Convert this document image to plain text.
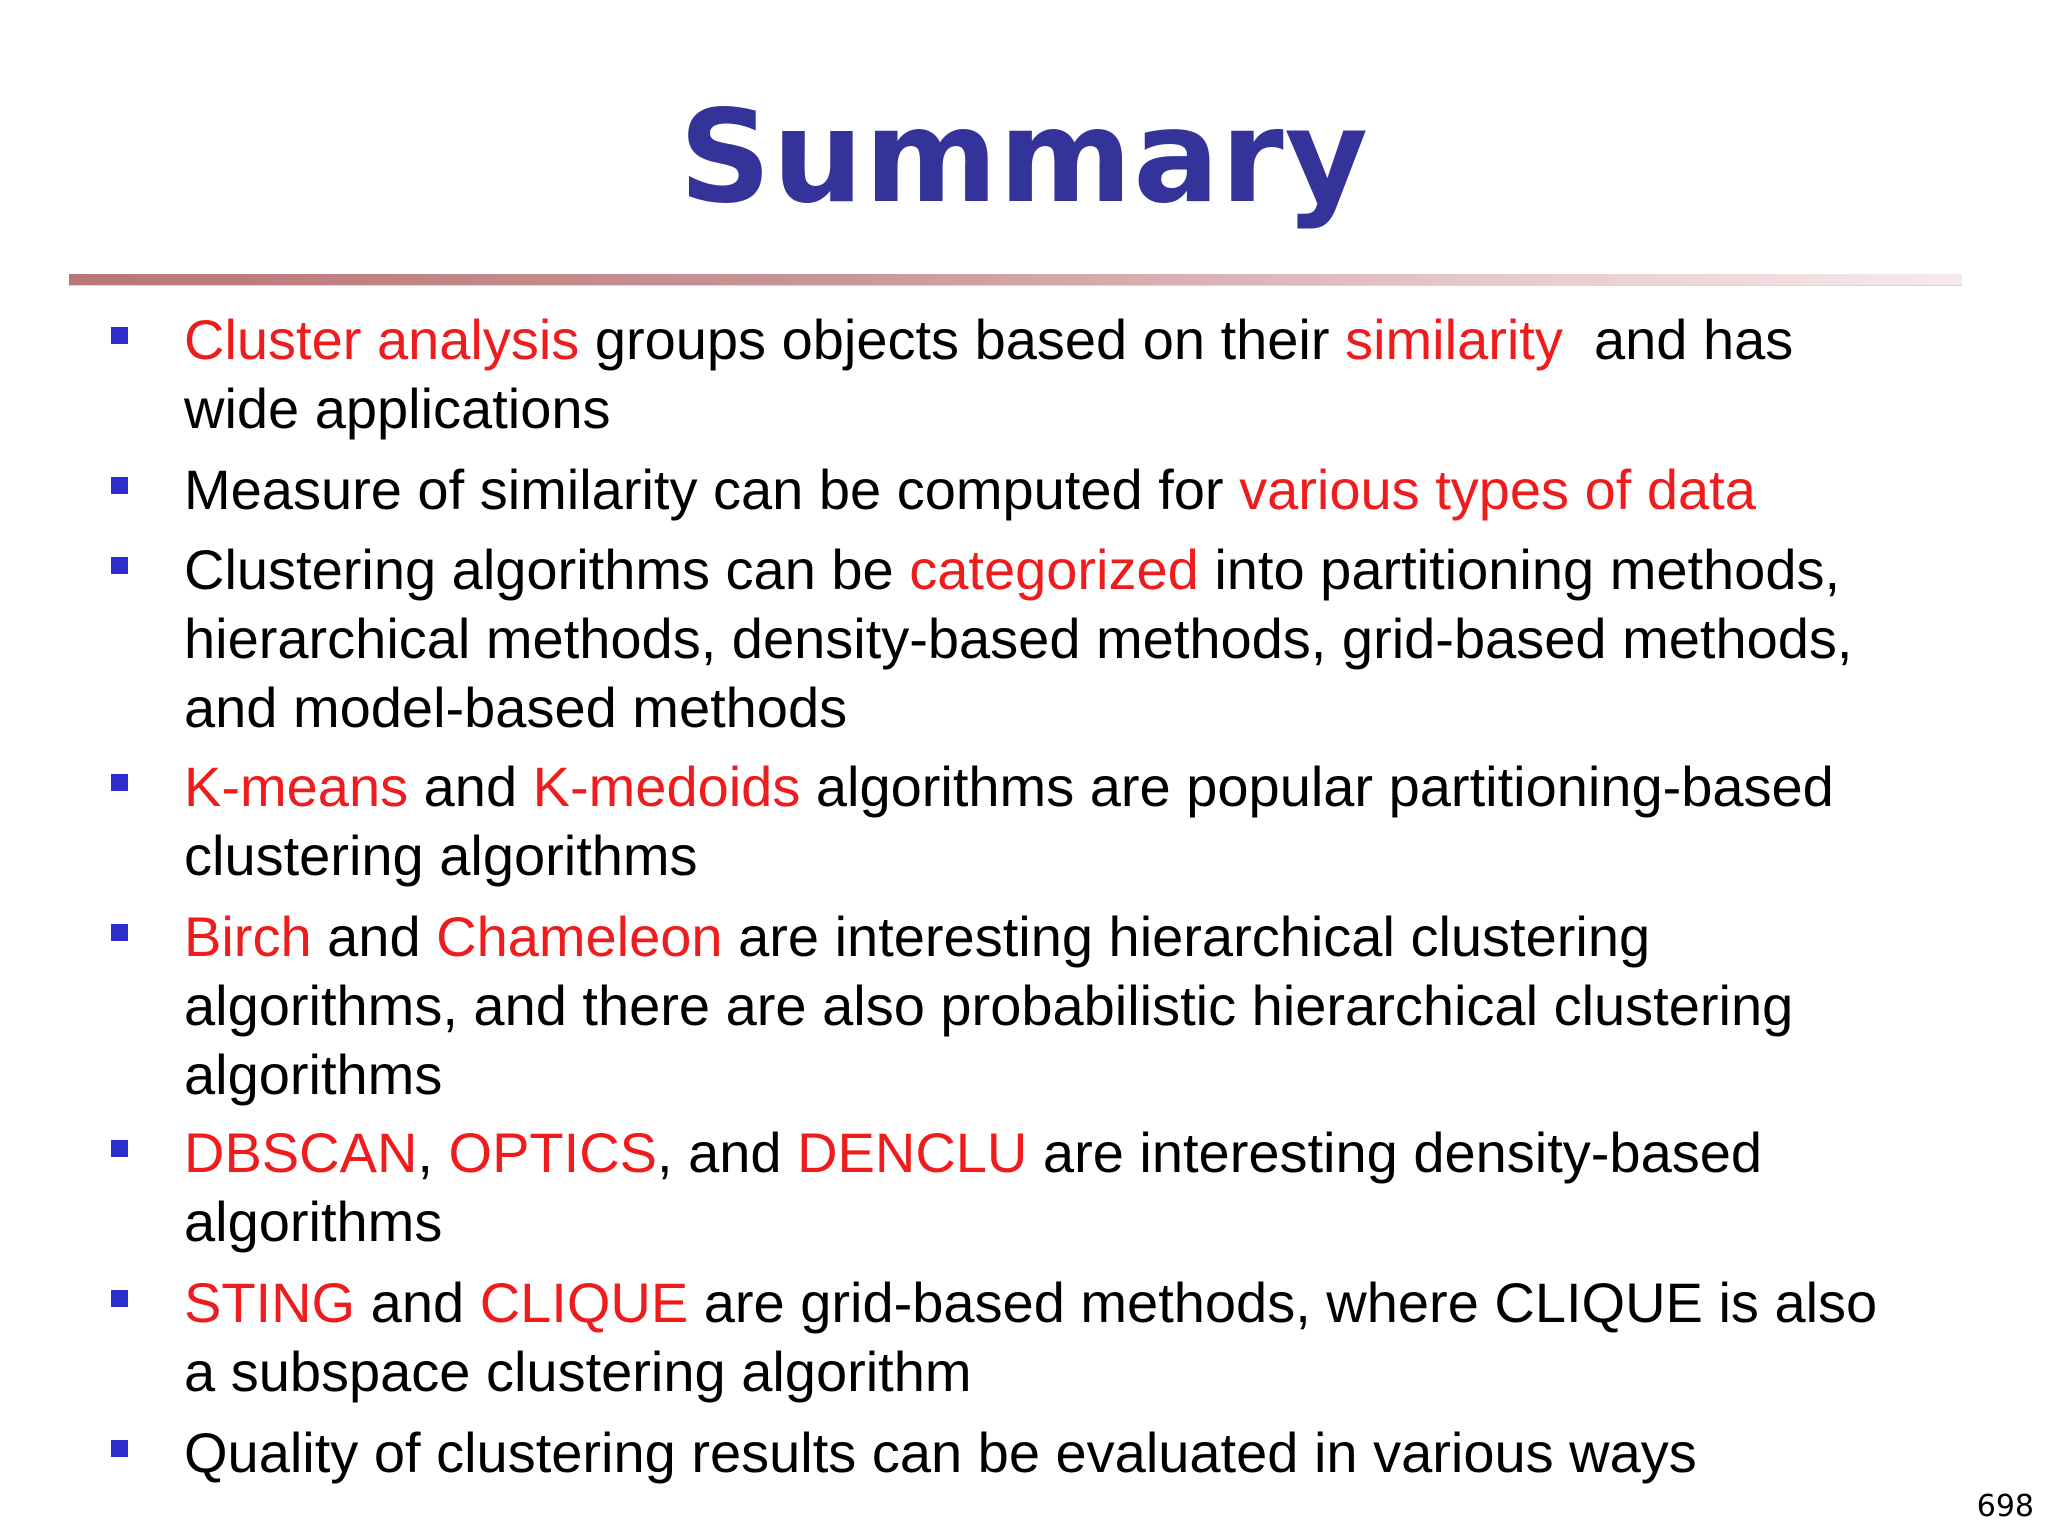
Summary
Cluster analysis groups objects based on their similarity  and has
wide applications
Measure of similarity can be computed for various types of data
Clustering algorithms can be categorized into partitioning methods,
hierarchical methods, density-based methods, grid-based methods,
and model-based methods
K-means and K-medoids algorithms are popular partitioning-based
clustering algorithms
Birch and Chameleon are interesting hierarchical clustering
algorithms, and there are also probabilistic hierarchical clustering
algorithms
DBSCAN, OPTICS, and DENCLU are interesting density-based
algorithms
STING and CLIQUE are grid-based methods, where CLIQUE is also
a subspace clustering algorithm
Quality of clustering results can be evaluated in various ways
698
